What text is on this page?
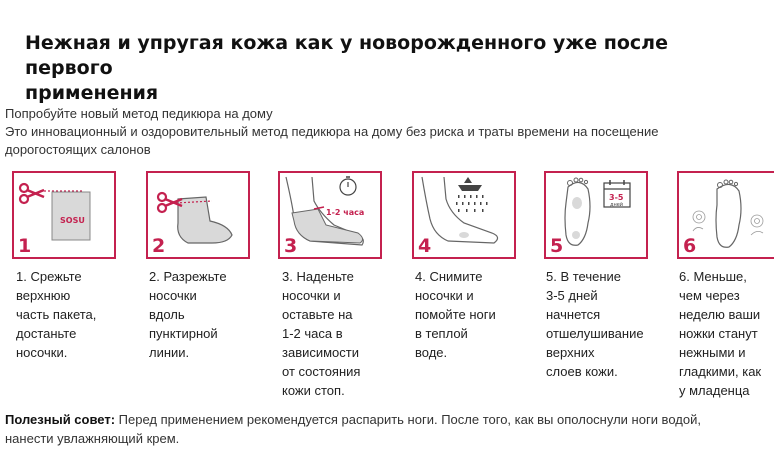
Нежная и упругая кожа как у новорожденного уже после первого
применения
Попробуйте новый метод педикюра на дому
Это инновационный и оздоровительный метод педикюра на дому без риска и траты времени на посещение
дорогостоящих салонов
SOSU
1
1. Срежьте
верхнюю
часть пакета,
достаньте
носочки.
2
2. Разрежьте
носочки
вдоль
пунктирной
линии.
1-2 часа
3
3. Наденьте
носочки и
оставьте на
1-2 часа в
зависимости
от состояния
кожи стоп.
4
4. Снимите
носочки и
помойте ноги
в теплой
воде.
3-5
дней
5
5. В течение
3-5 дней
начнется
отшелушивание
верхних
слоев кожи.
6
6. Меньше,
чем через
неделю ваши
ножки станут
нежными и
гладкими, как
у младенца
Полезный совет: Перед применением рекомендуется распарить ноги. После того, как вы ополоснули ноги водой,
нанести увлажняющий крем.
